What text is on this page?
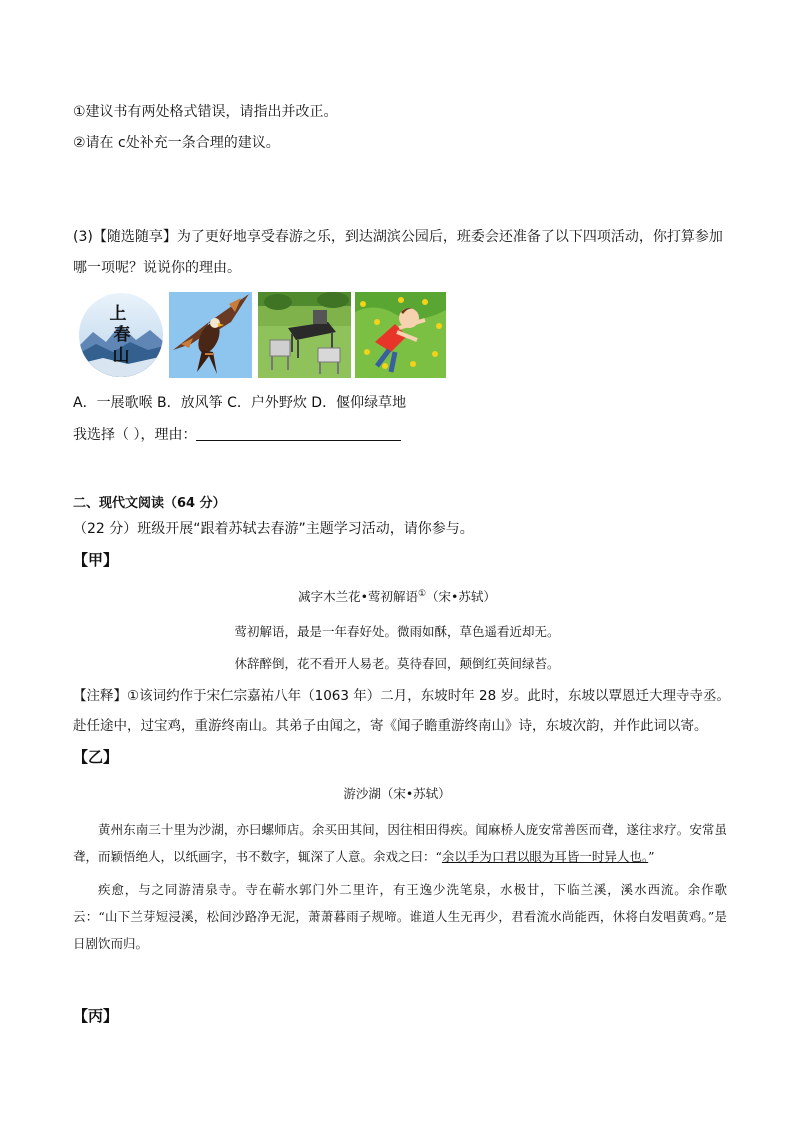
①建议书有两处格式错误，请指出并改正。
②请在 c处补充一条合理的建议。
(3)【随选随享】为了更好地享受春游之乐，到达湖滨公园后，班委会还准备了以下四项活动，你打算参加
哪一项呢？说说你的理由。
上
春
山
A．一展歌喉 B．放风筝 C．户外野炊 D．偃仰绿草地
我选择（ ），理由：
二、现代文阅读（64 分）
（22 分）班级开展“跟着苏轼去春游”主题学习活动，请你参与。
【甲】
减字木兰花•莺初解语①（宋•苏轼）
莺初解语，最是一年春好处。微雨如酥，草色遥看近却无。
休辞醉倒，花不看开人易老。莫待春回，颠倒红英间绿苔。
【注释】①该词约作于宋仁宗嘉祐八年（1063 年）二月，东坡时年 28 岁。此时，东坡以覃恩迁大理寺寺丞。
赴任途中，过宝鸡，重游终南山。其弟子由闻之，寄《闻子瞻重游终南山》诗，东坡次韵，并作此词以寄。
【乙】
游沙湖（宋•苏轼）

黄州东南三十里为沙湖，亦曰螺师店。余买田其间，因往相田得疾。闻麻桥人庞安常善医而聋，遂往求疗。安常虽聋，而颖悟绝人，以纸画字，书不数字，辄深了人意。余戏之曰：“余以手为口君以眼为耳皆一时异人也。”

疾愈，与之同游清泉寺。寺在蕲水郭门外二里许，有王逸少洗笔泉，水极甘，下临兰溪，溪水西流。余作歌云：“山下兰芽短浸溪，松间沙路净无泥，萧萧暮雨子规啼。谁道人生无再少，君看流水尚能西，休将白发唱黄鸡。”是日剧饮而归。

【丙】
